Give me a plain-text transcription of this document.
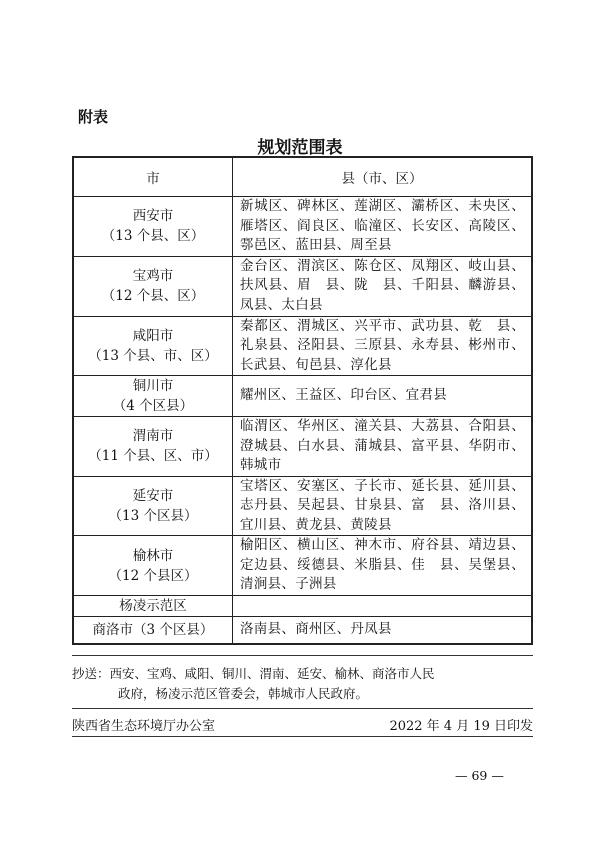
附表
规划范围表
市	县（市、区）

西安市
（13 个县、区）	新城区、碑林区、莲湖区、灞桥区、未央区、雁塔区、阎良区、临潼区、长安区、高陵区、鄠邑区、蓝田县、周至县

宝鸡市
（12 个县、区）	金台区、渭滨区、陈仓区、凤翔区、岐山县、扶风县、眉　县、陇　县、千阳县、麟游县、凤县、太白县

咸阳市
（13 个县、市、区）	秦都区、渭城区、兴平市、武功县、乾　县、礼泉县、泾阳县、三原县、永寿县、彬州市、长武县、旬邑县、淳化县

铜川市
（4 个区县）	耀州区、王益区、印台区、宜君县

渭南市
（11 个县、区、市）	临渭区、华州区、潼关县、大荔县、合阳县、澄城县、白水县、蒲城县、富平县、华阴市、韩城市

延安市
（13 个区县）	宝塔区、安塞区、子长市、延长县、延川县、志丹县、吴起县、甘泉县、富　县、洛川县、宜川县、黄龙县、黄陵县

榆林市
（12 个县区）	榆阳区、横山区、神木市、府谷县、靖边县、定边县、绥德县、米脂县、佳　县、吴堡县、清涧县、子洲县

杨凌示范区	

商洛市（3 个区县）	洛南县、商州区、丹凤县
抄送：西安、宝鸡、咸阳、铜川、渭南、延安、榆林、商洛市人民
政府，杨凌示范区管委会，韩城市人民政府。
陕西省生态环境厅办公室	2022 年 4 月 19 日印发
— 69 —
